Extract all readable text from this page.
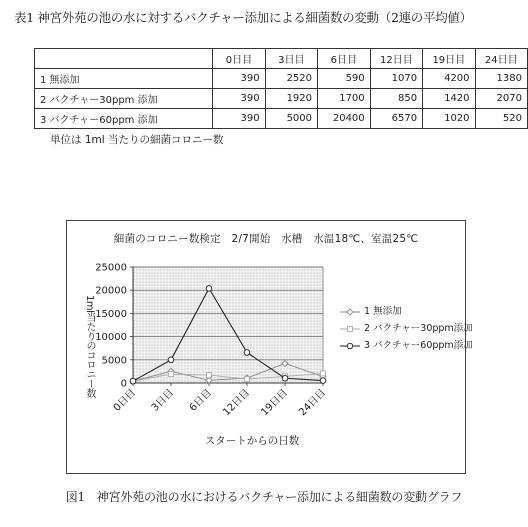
表1 神宮外苑の池の水に対するバクチャー添加による細菌数の変動（2連の平均値）
	0日目	3日目	6日目	12日目	19日目	24日目
1 無添加	390	2520	590	1070	4200	1380
2 バクチャー30ppm 添加	390	1920	1700	850	1420	2070
3 バクチャー60ppm 添加	390	5000	20400	6570	1020	520
単位は 1ml 当たりの細菌コロニー数
細菌のコロニー数検定　2/7開始　水槽　水温18℃、室温25℃
0
5000
10000
15000
20000
25000
0日目 3日目 6日目 12日目 19日目 24日目
1ml当たりのコロニー数
スタートからの日数
1 無添加
2 バクチャー30ppm添加
3 バクチャー60ppm添加
図1　神宮外苑の池の水におけるバクチャー添加による細菌数の変動グラフ
